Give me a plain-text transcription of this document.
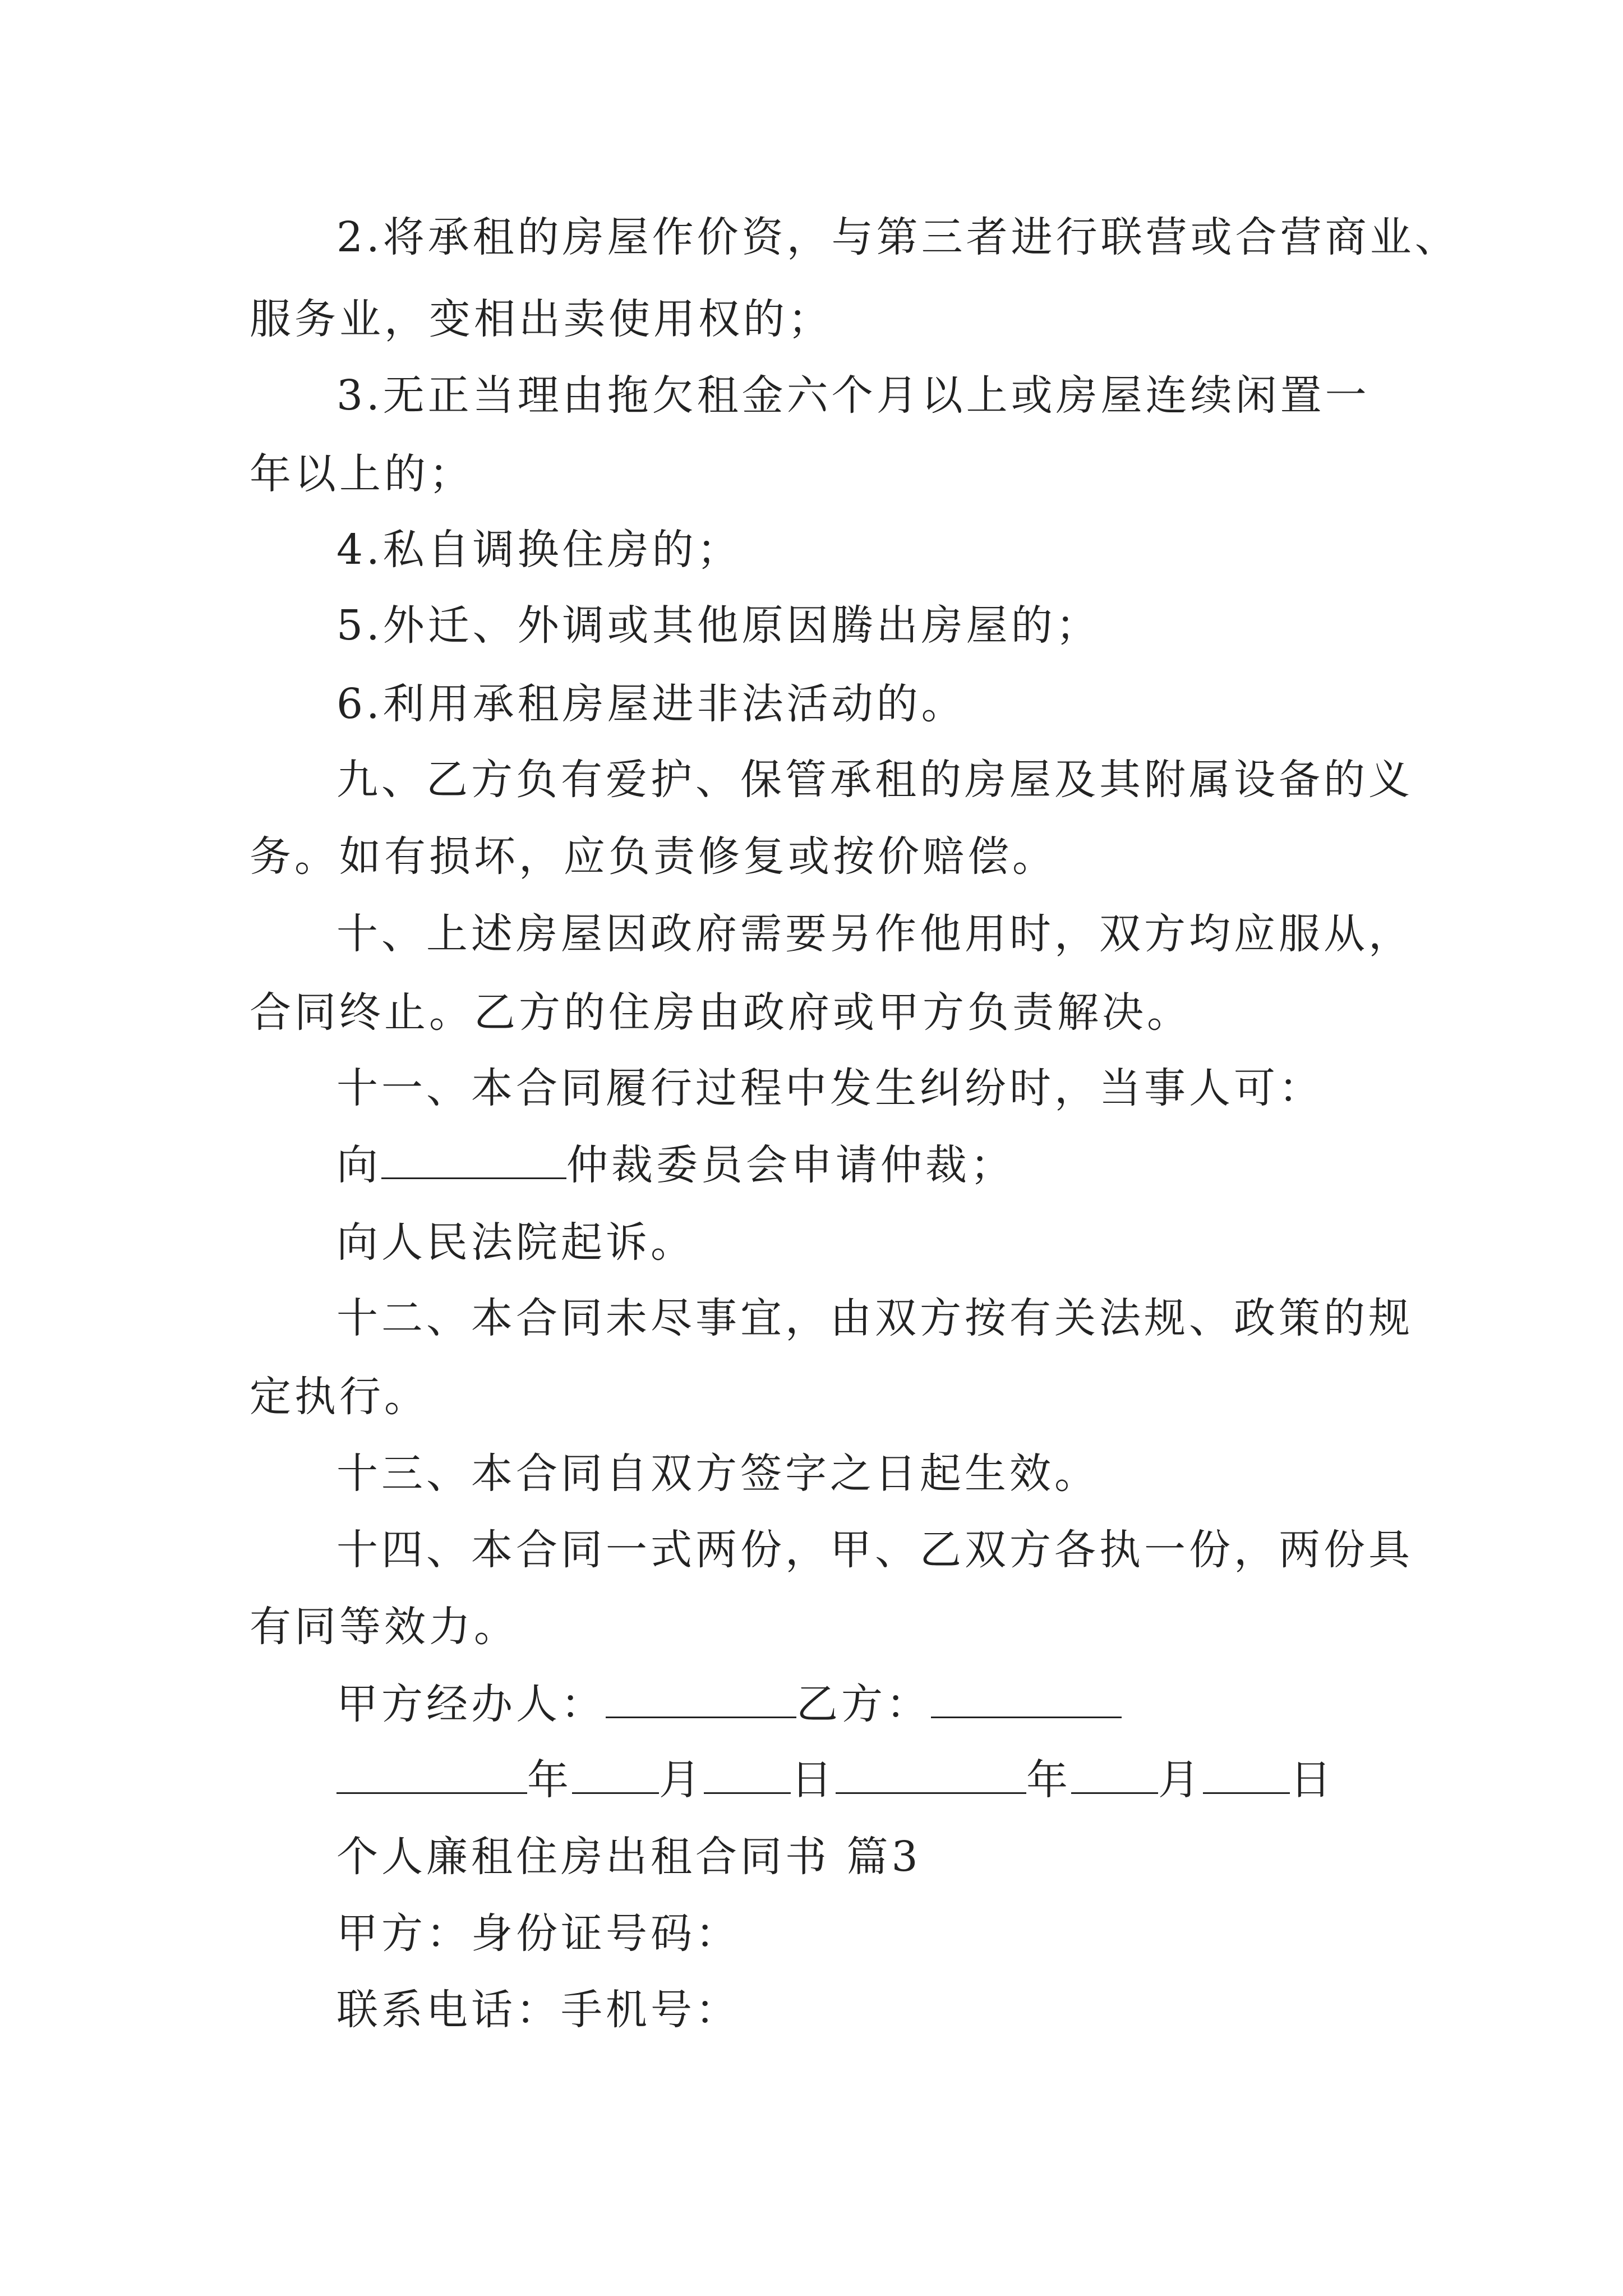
2.将承租的房屋作价资，与第三者进行联营或合营商业、
服务业，变相出卖使用权的；
3.无正当理由拖欠租金六个月以上或房屋连续闲置一
年以上的；
4.私自调换住房的；
5.外迁、外调或其他原因腾出房屋的；
6.利用承租房屋进非法活动的。
九、乙方负有爱护、保管承租的房屋及其附属设备的义
务。如有损坏，应负责修复或按价赔偿。
十、上述房屋因政府需要另作他用时，双方均应服从，
合同终止。乙方的住房由政府或甲方负责解决。
十一、本合同履行过程中发生纠纷时，当事人可：
向	仲裁委员会申请仲裁；
向人民法院起诉。
十二、本合同未尽事宜，由双方按有关法规、政策的规
定执行。
十三、本合同自双方签字之日起生效。
十四、本合同一式两份，甲、乙双方各执一份，两份具
有同等效力。
甲方经办人：	乙方：
年 月 日	年 月 日
个人廉租住房出租合同书 篇3
甲方：身份证号码：
联系电话：手机号：
